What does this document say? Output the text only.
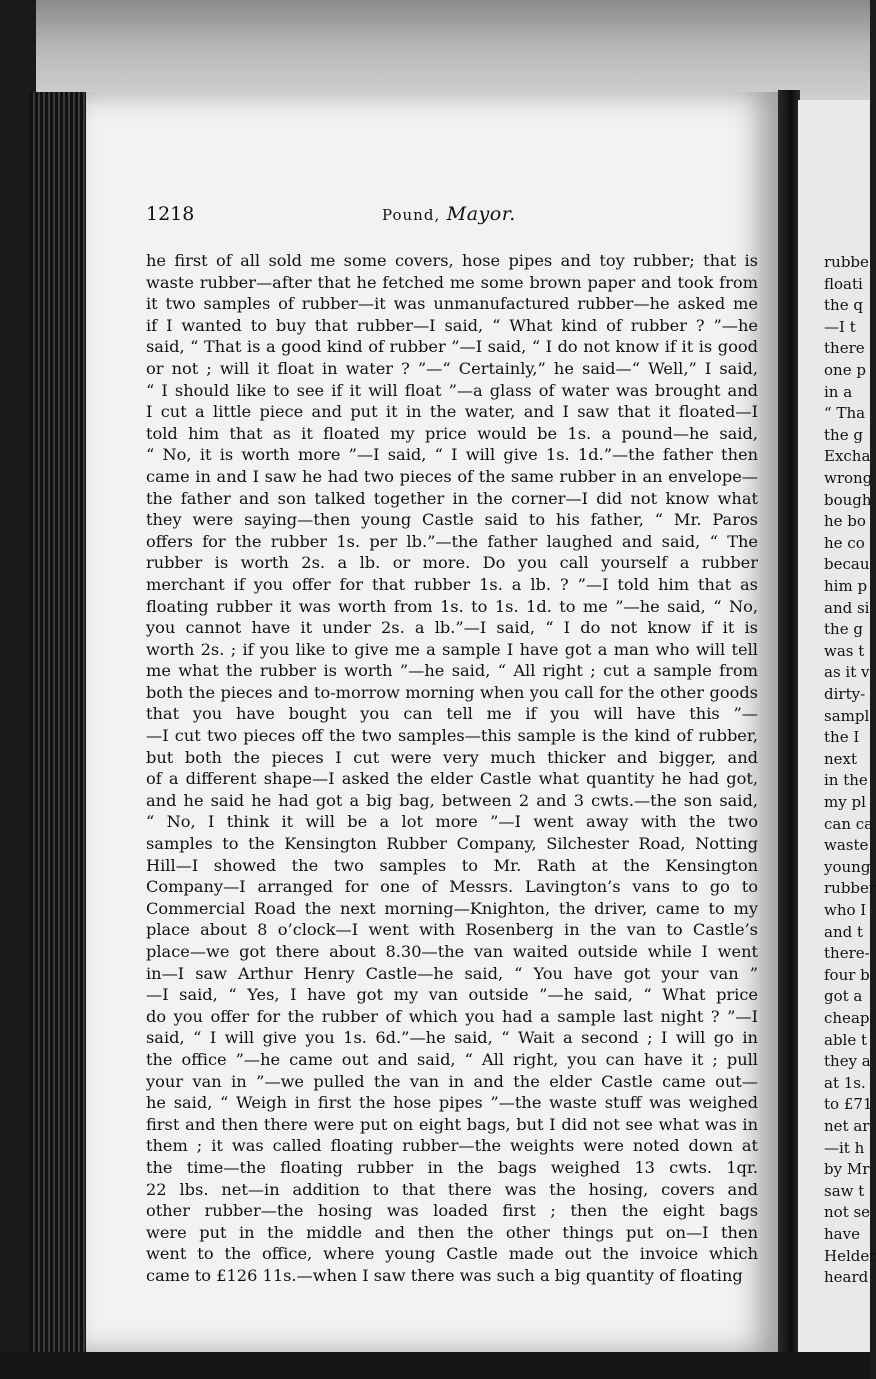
1218	Pound, Mayor.
he first of all sold me some covers, hose pipes and toy rubber; that is
waste rubber—after that he fetched me some brown paper and took from
it two samples of rubber—it was unmanufactured rubber—he asked me
if I wanted to buy that rubber—I said, “ What kind of rubber ? ”—he
said, “ That is a good kind of rubber ”—I said, “ I do not know if it is good
or not ; will it float in water ? ”—“ Certainly,” he said—“ Well,” I said,
“ I should like to see if it will float ”—a glass of water was brought and
I cut a little piece and put it in the water, and I saw that it floated—I
told him that as it floated my price would be 1s. a pound—he said,
“ No, it is worth more ”—I said, “ I will give 1s. 1d.”—the father then
came in and I saw he had two pieces of the same rubber in an envelope—
the father and son talked together in the corner—I did not know what
they were saying—then young Castle said to his father, “ Mr. Paros
offers for the rubber 1s. per lb.”—the father laughed and said, “ The
rubber is worth 2s. a lb. or more. Do you call yourself a rubber
merchant if you offer for that rubber 1s. a lb. ? ”—I told him that as
floating rubber it was worth from 1s. to 1s. 1d. to me ”—he said, “ No,
you cannot have it under 2s. a lb.”—I said, “ I do not know if it is
worth 2s. ; if you like to give me a sample I have got a man who will tell
me what the rubber is worth ”—he said, “ All right ; cut a sample from
both the pieces and to-morrow morning when you call for the other goods
that you have bought you can tell me if you will have this ”—
—I cut two pieces off the two samples—this sample is the kind of rubber,
but both the pieces I cut were very much thicker and bigger, and
of a different shape—I asked the elder Castle what quantity he had got,
and he said he had got a big bag, between 2 and 3 cwts.—the son said,
“ No, I think it will be a lot more ”—I went away with the two
samples to the Kensington Rubber Company, Silchester Road, Notting
Hill—I showed the two samples to Mr. Rath at the Kensington
Company—I arranged for one of Messrs. Lavington’s vans to go to
Commercial Road the next morning—Knighton, the driver, came to my
place about 8 o’clock—I went with Rosenberg in the van to Castle’s
place—we got there about 8.30—the van waited outside while I went
in—I saw Arthur Henry Castle—he said, “ You have got your van ”
—I said, “ Yes, I have got my van outside ”—he said, “ What price
do you offer for the rubber of which you had a sample last night ? ”—I
said, “ I will give you 1s. 6d.”—he said, “ Wait a second ; I will go in
the office ”—he came out and said, “ All right, you can have it ; pull
your van in ”—we pulled the van in and the elder Castle came out—
he said, “ Weigh in first the hose pipes ”—the waste stuff was weighed
first and then there were put on eight bags, but I did not see what was in
them ; it was called floating rubber—the weights were noted down at
the time—the floating rubber in the bags weighed 13 cwts. 1qr.
22 lbs. net—in addition to that there was the hosing, covers and
other rubber—the hosing was loaded first ; then the eight bags
were put in the middle and then the other things put on—I then
went to the office, where young Castle made out the invoice which
came to £126 11s.—when I saw there was such a big quantity of floating
rubbe
floati
the q
—I t
there
one p
in a
“ Tha
the g
Excha
wrong
bough
he bo
he co
becau
him p
and si
the g
was t
as it v
dirty-
sampl
the I
next
in the
my pl
can ca
waste
young
rubber
who I
and t
there-
four b
got a
cheap
able t
they a
at 1s.
to £71
net ar
—it h
by Mr
saw t
not se
have
Helder
heard
